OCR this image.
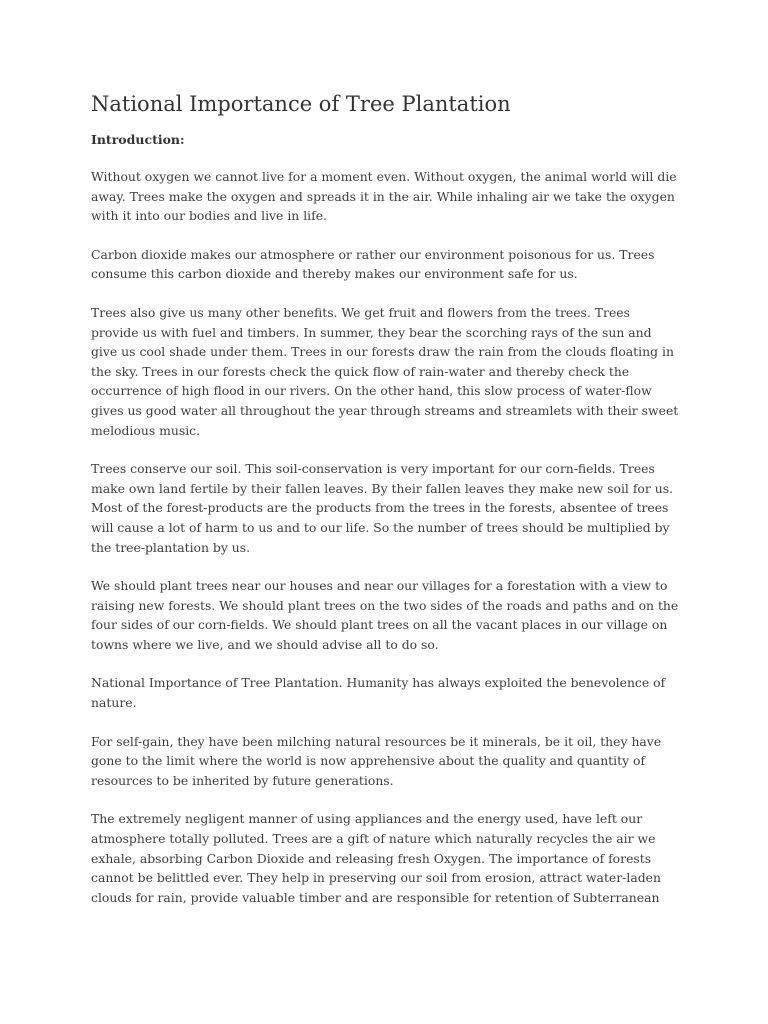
National Importance of Tree Plantation
Introduction:

Without oxygen we cannot live for a moment even. Without oxygen, the animal world will die away. Trees make the oxygen and spreads it in the air. While inhaling air we take the oxygen with it into our bodies and live in life.

Carbon dioxide makes our atmosphere or rather our environment poisonous for us. Trees consume this carbon dioxide and thereby makes our environment safe for us.

Trees also give us many other benefits. We get fruit and flowers from the trees. Trees provide us with fuel and timbers. In summer, they bear the scorching rays of the sun and give us cool shade under them. Trees in our forests draw the rain from the clouds floating in the sky. Trees in our forests check the quick flow of rain-water and thereby check the occurrence of high flood in our rivers. On the other hand, this slow process of water-flow gives us good water all throughout the year through streams and streamlets with their sweet melodious music.

Trees conserve our soil. This soil-conservation is very important for our corn-fields. Trees make own land fertile by their fallen leaves. By their fallen leaves they make new soil for us. Most of the forest-products are the products from the trees in the forests, absentee of trees will cause a lot of harm to us and to our life. So the number of trees should be multiplied by the tree-plantation by us.

We should plant trees near our houses and near our villages for a forestation with a view to raising new forests. We should plant trees on the two sides of the roads and paths and on the four sides of our corn-fields. We should plant trees on all the vacant places in our village on towns where we live, and we should advise all to do so.

National Importance of Tree Plantation. Humanity has always exploited the benevolence of nature.

For self-gain, they have been milching natural resources be it minerals, be it oil, they have gone to the limit where the world is now apprehensive about the quality and quantity of resources to be inherited by future generations.

The extremely negligent manner of using appliances and the energy used, have left our atmosphere totally polluted. Trees are a gift of nature which naturally recycles the air we exhale, absorbing Carbon Dioxide and releasing fresh Oxygen. The importance of forests cannot be belittled ever. They help in preserving our soil from erosion, attract water-laden clouds for rain, provide valuable timber and are responsible for retention of Subterranean
